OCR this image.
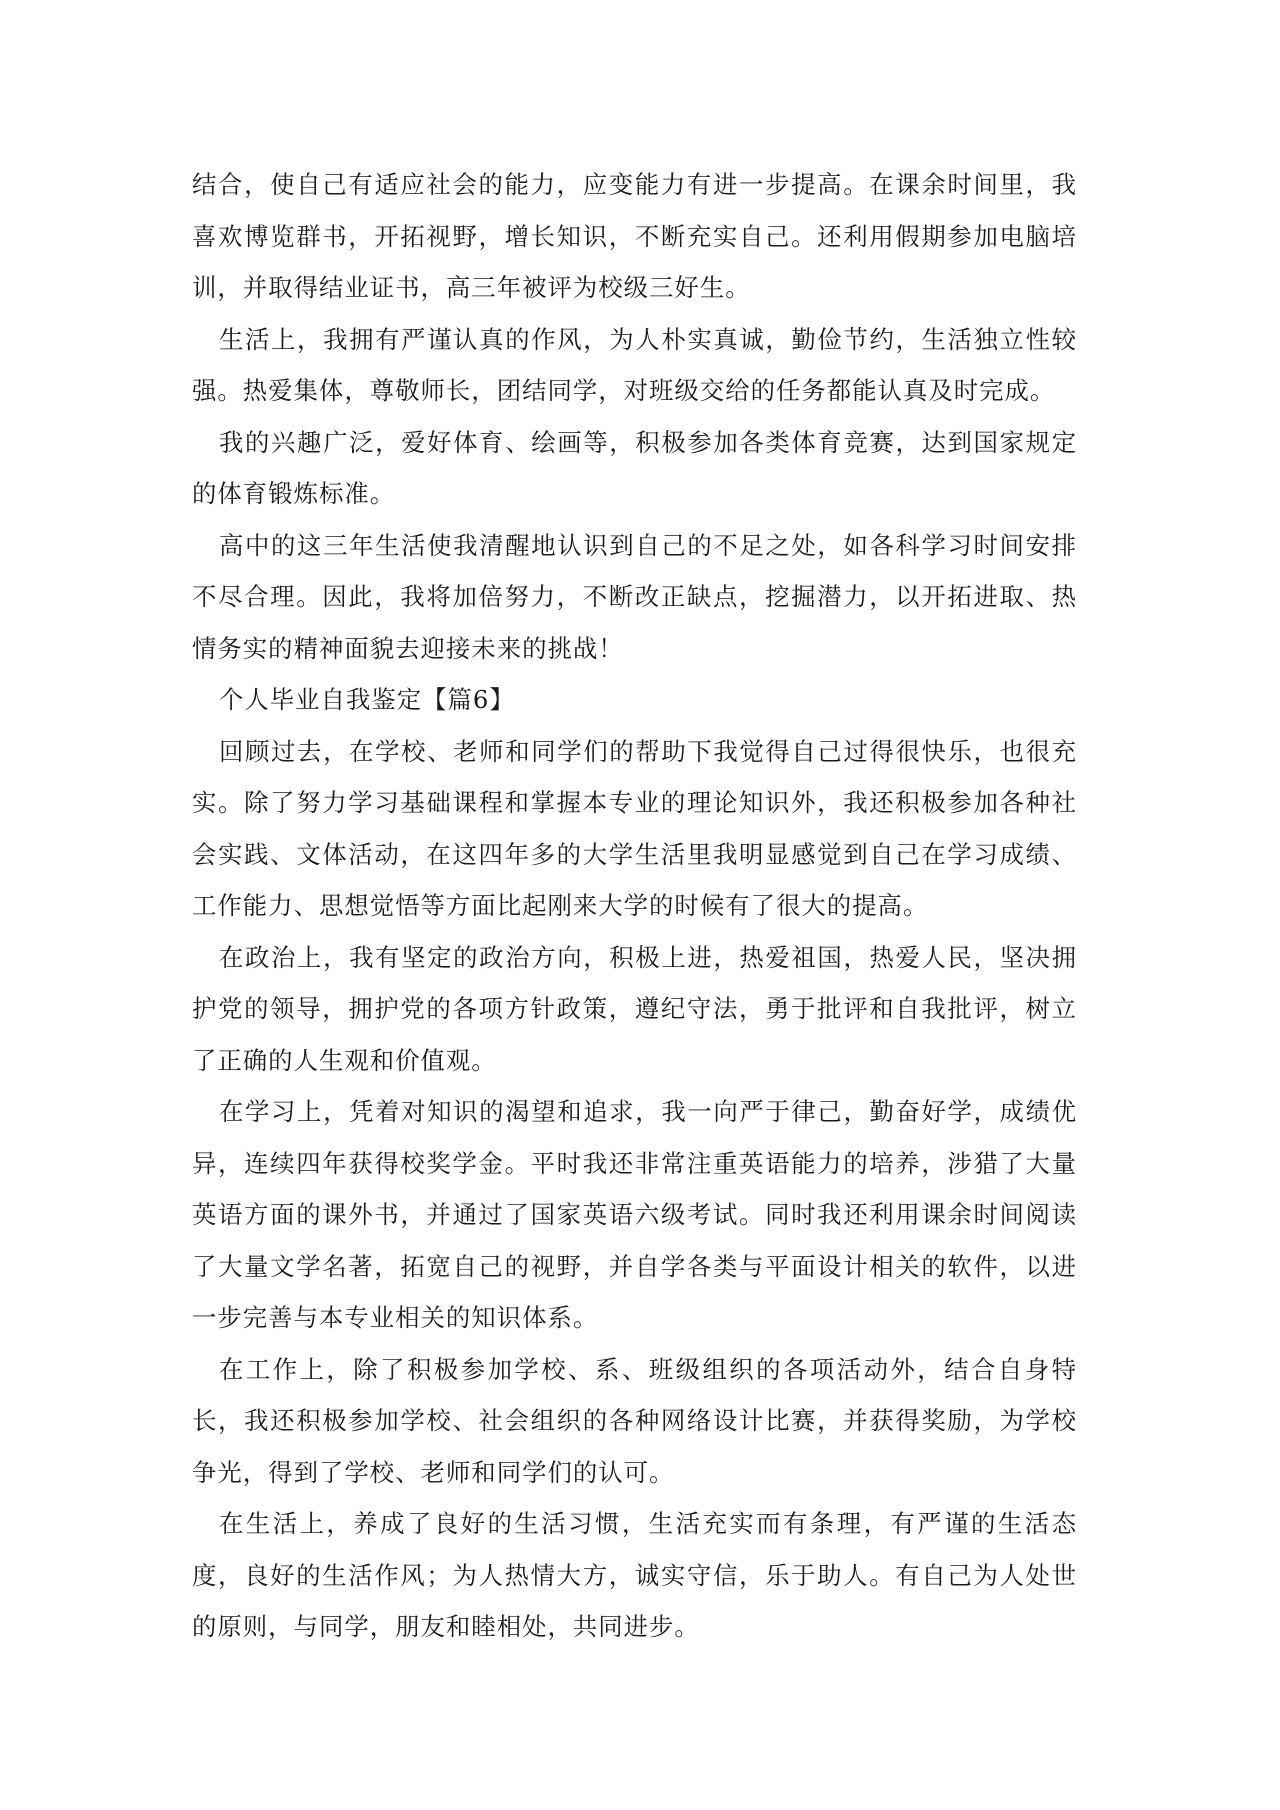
结合，使自己有适应社会的能力，应变能力有进一步提高。在课余时间里，我喜欢博览群书，开拓视野，增长知识，不断充实自己。还利用假期参加电脑培训，并取得结业证书，高三年被评为校级三好生。

生活上，我拥有严谨认真的作风，为人朴实真诚，勤俭节约，生活独立性较强。热爱集体，尊敬师长，团结同学，对班级交给的任务都能认真及时完成。

我的兴趣广泛，爱好体育、绘画等，积极参加各类体育竞赛，达到国家规定的体育锻炼标准。

高中的这三年生活使我清醒地认识到自己的不足之处，如各科学习时间安排不尽合理。因此，我将加倍努力，不断改正缺点，挖掘潜力，以开拓进取、热情务实的精神面貌去迎接未来的挑战！

个人毕业自我鉴定【篇6】

回顾过去，在学校、老师和同学们的帮助下我觉得自己过得很快乐，也很充实。除了努力学习基础课程和掌握本专业的理论知识外，我还积极参加各种社会实践、文体活动，在这四年多的大学生活里我明显感觉到自己在学习成绩、工作能力、思想觉悟等方面比起刚来大学的时候有了很大的提高。

在政治上，我有坚定的政治方向，积极上进，热爱祖国，热爱人民，坚决拥护党的领导，拥护党的各项方针政策，遵纪守法，勇于批评和自我批评，树立了正确的人生观和价值观。

在学习上，凭着对知识的渴望和追求，我一向严于律己，勤奋好学，成绩优异，连续四年获得校奖学金。平时我还非常注重英语能力的培养，涉猎了大量英语方面的课外书，并通过了国家英语六级考试。同时我还利用课余时间阅读了大量文学名著，拓宽自己的视野，并自学各类与平面设计相关的软件，以进一步完善与本专业相关的知识体系。

在工作上，除了积极参加学校、系、班级组织的各项活动外，结合自身特长，我还积极参加学校、社会组织的各种网络设计比赛，并获得奖励，为学校争光，得到了学校、老师和同学们的认可。

在生活上，养成了良好的生活习惯，生活充实而有条理，有严谨的生活态度，良好的生活作风；为人热情大方，诚实守信，乐于助人。有自己为人处世的原则，与同学，朋友和睦相处，共同进步。
